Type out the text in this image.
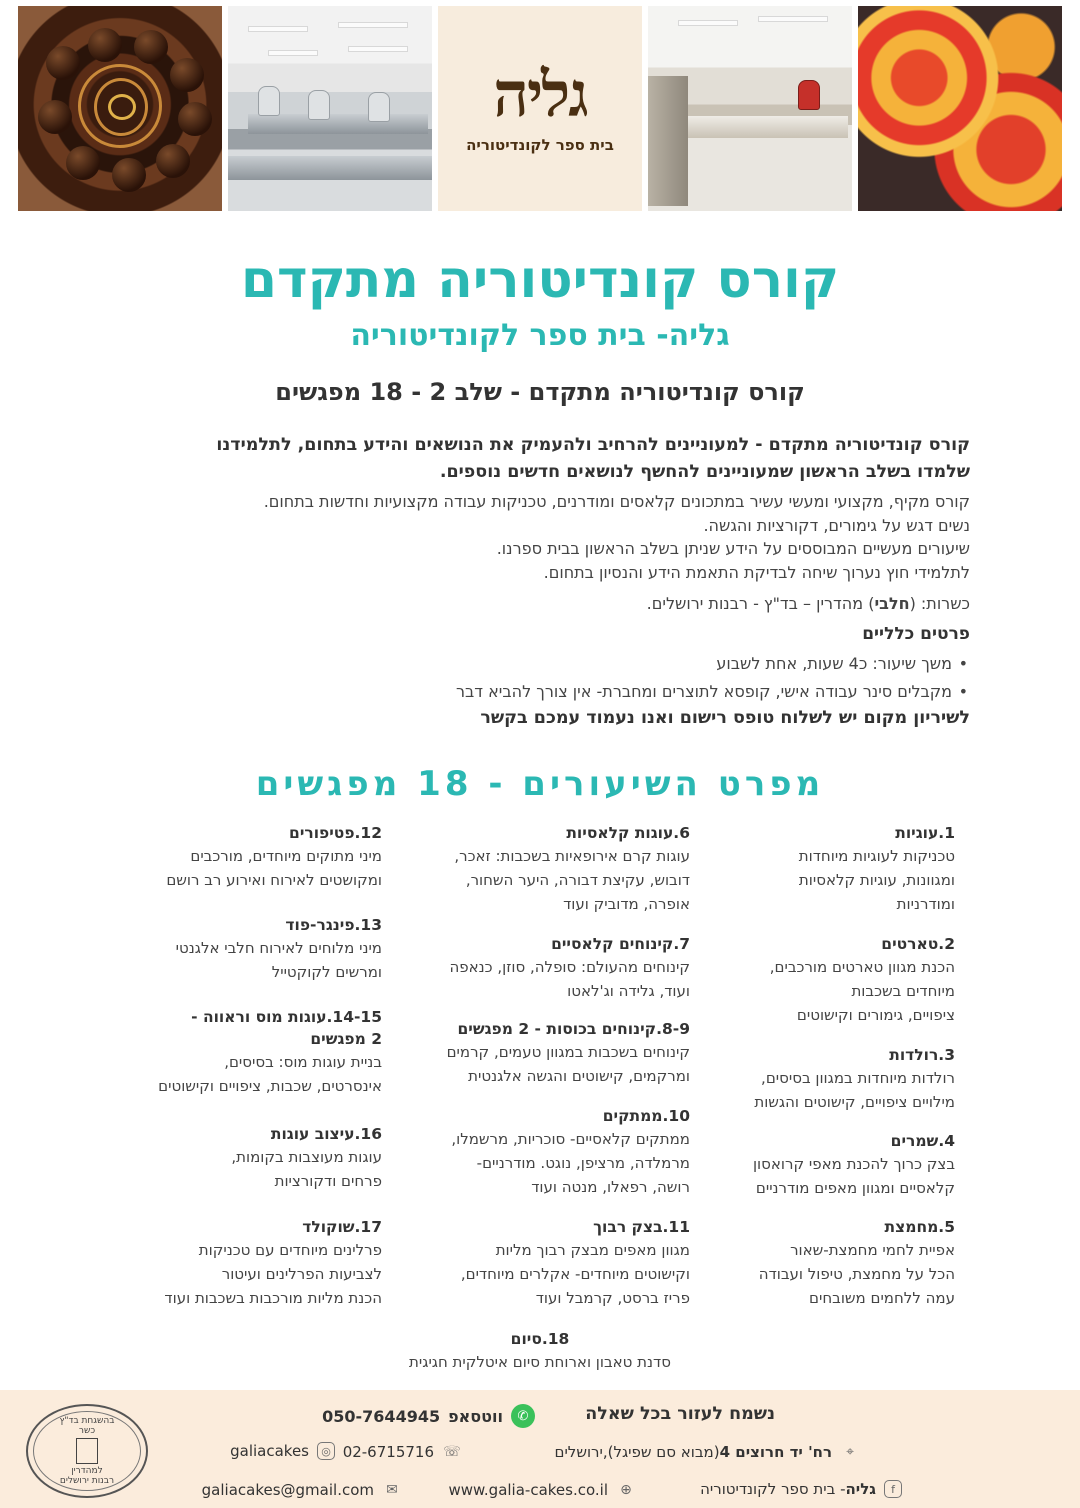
גליה
בית ספר לקונדיטוריה
קורס קונדיטוריה מתקדם
גליה- בית ספר לקונדיטוריה
קורס קונדיטוריה מתקדם - שלב 2 - 18 מפגשים
קורס קונדיטוריה מתקדם - למעוניינים להרחיב ולהעמיק את הנושאים והידע בתחום, לתלמידנו
שלמדו בשלב הראשון שמעוניינים להחשף לנושאים חדשים נוספים.
קורס מקיף, מקצועי ומעשי עשיר במתכונים קלאסים ומודרנים, טכניקות עבודה מקצועיות וחדשות בתחום.
נשים דגש על גימורים, דקורציות והגשה.
שיעורים מעשיים המבוססים על הידע שניתן בשלב הראשון בבית ספרנו.
לתלמידי חוץ נערוך שיחה לבדיקת התאמת הידע והנסיון בתחום.
כשרות: (חלבי) מהדרין – בד"ץ - רבנות ירושלים.
פרטים כלליים
• משך שיעור: כ4 שעות, אחת לשבוע
• מקבלים סינר עבודה אישי, קופסא לתוצרים ומחברת- אין צורך להביא דבר
לשיריון מקום יש לשלוח טופס רישום ואנו נעמוד עמכם בקשר
מפרט השיעורים - 18 מפגשים
1.עוגיות

טכניקות לעוגיות מיוחדות

ומגוונות, עוגיות קלאסיות

ומודרניות

2.טארטים

הכנת מגוון טארטים מורכבים,

מיוחדים בשכבות

ציפויים, גימורים וקישוטים

3.רולדות

רולדות מיוחדות במגוון בסיסים,

מילויים ציפויים, קישוטים והגשות

4.שמרים

בצק כרוך להכנת מאפי קרואסון

קלאסיים ומגוון מאפים מודרניים

5.מחמצת

אפיית לחמי מחמצת-שאור

הכל על מחמצת, טיפול ועבודה

עמה ללחמים משובחים

6.עוגות קלאסיות

עוגות קרם אירופאיות בשכבות: זאכר,

דובוש, עקיצת דבורה, היער השחור,

אופרה, מדוביק ועוד

7.קינוחים קלאסיים

קינוחים מהעולם: סופלה, סוזן, כנאפה

ועוד, גלידה וג'לאטו

8-9.קינוחים בכוסות - 2 מפגשים

קינוחים בשכבות במגוון טעמים, קרמים

ומרקמים, קישוטים והגשה אלגנטית

10.ממתקים

ממתקים קלאסיים- סוכריות, מרשמלו,

מרמלדה, מרציפן, נוגט. מודרניים-

רושה, רפאלו, מנטה ועוד

11.בצק רבוך

מגוון מאפים מבצק רבוך מליות

וקישוטים מיוחדים- אקלרים מיוחדים,

פריז ברסט, קרמבל ועוד

12.פטיפורים

מיני מתוקים מיוחדים, מורכבים

ומקושטים לאירוח ואירוע רב רושם

13.פינגר-פוד

מיני מלוחים לאירוח חלבי אלגנטי

ומרשים לקוקטייל

14-15.עוגות מוס וראווה -
2 מפגשים

בניית עוגות מוס: בסיסים,

אינסרטים, שכבות, ציפויים וקישוטים

16.עיצוב עוגות

עוגות מעוצבות בקומות,

פרחים ודקורציות

17.שוקולד

פרלינים מיוחדים עם טכניקות

לצביעות הפרלינים ועיטור

הכנת מליות מורכבות בשכבות ועוד

18.סיום

סדנת טאבון וארוחת סיום איטלקית חגיגית

נשמח לעזור בכל שאלה
✆
ווטסאפ
050-7644945
⌖
רח' יד חרוצים 4(מבוא סם שפיגל),ירושלים
☏
02-6715716
◎
galiacakes
f
גליה- בית ספר לקונדיטוריה
⊕
www.galia-cakes.co.il
✉
galiacakes@gmail.com
בהשגחת בד"ץ
כשר
למהדרין
רבנות ירושלים
